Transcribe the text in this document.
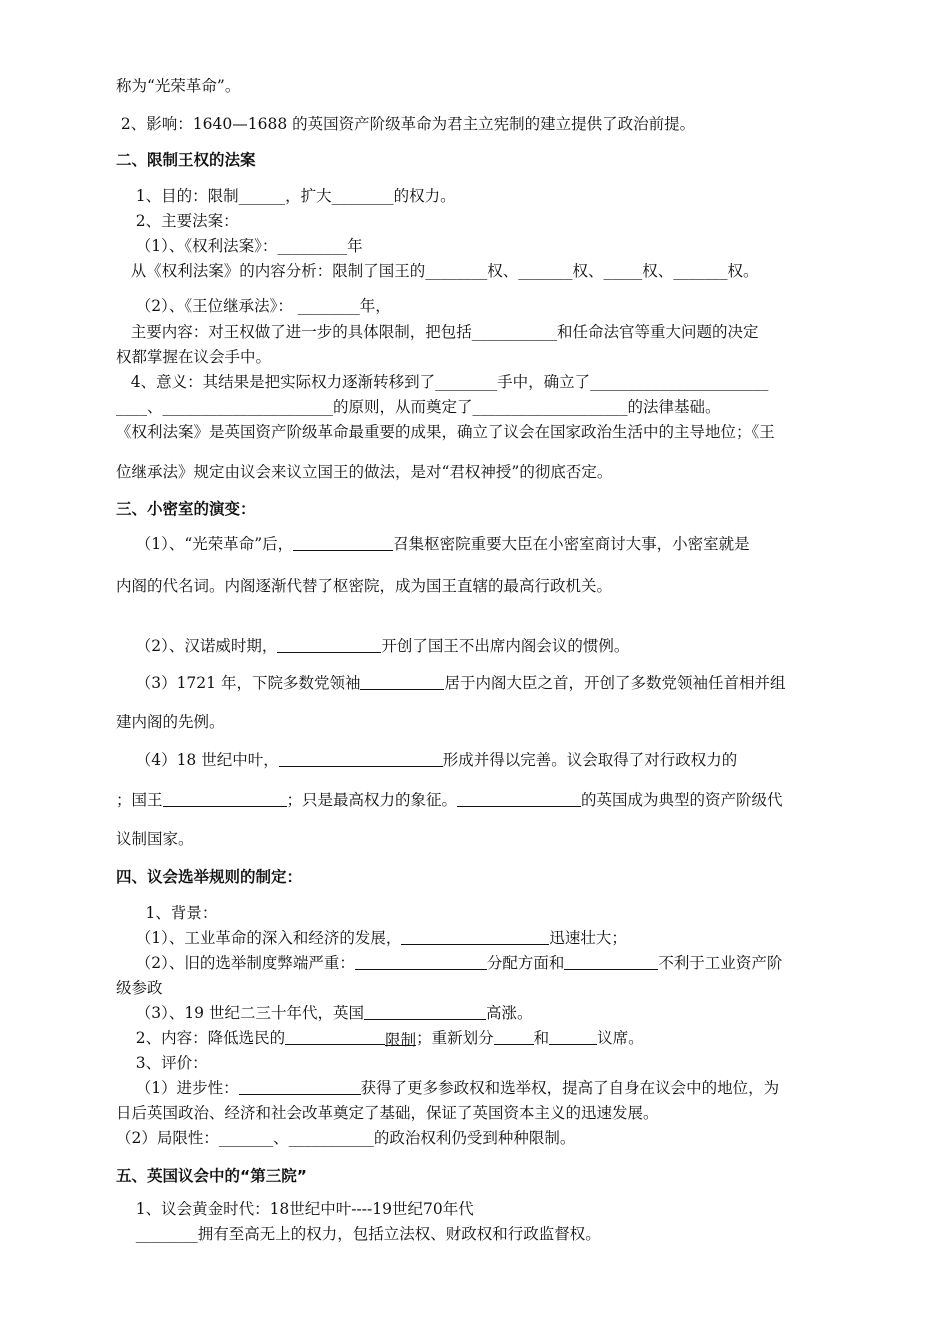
称为“光荣革命”。

2、影响：1640—1688 的英国资产阶级革命为君主立宪制的建立提供了政治前提。

二、限制王权的法案

1、目的：限制______，扩大________的权力。

2、主要法案：

（1）、《权利法案》：_________年

从《权利法案》的内容分析：限制了国王的________权、_______权、_____权、_______权。

（2）、《王位继承法》： ________年，

主要内容：对王权做了进一步的具体限制，把包括___________和任命法官等重大问题的决定

权都掌握在议会手中。

4、意义：其结果是把实际权力逐渐转移到了________手中，确立了_______________________

____、______________________的原则，从而奠定了____________________的法律基础。

《权利法案》是英国资产阶级革命最重要的成果，确立了议会在国家政治生活中的主导地位；《王

位继承法》规定由议会来议立国王的做法，是对“君权神授”的彻底否定。

三、小密室的演变：

（1）、“光荣革命”后，	召集枢密院重要大臣在小密室商讨大事，小密室就是

内阁的代名词。内阁逐渐代替了枢密院，成为国王直辖的最高行政机关。

（2）、汉诺威时期，	开创了国王不出席内阁会议的惯例。

（3）1721 年，下院多数党领袖	居于内阁大臣之首，开创了多数党领袖任首相并组

建内阁的先例。

（4）18 世纪中叶，	形成并得以完善。议会取得了对行政权力的

；国王	；只是最高权力的象征。	的英国成为典型的资产阶级代

议制国家。

四、议会选举规则的制定：

1、背景：

（1）、工业革命的深入和经济的发展，	迅速壮大；

（2）、旧的选举制度弊端严重：	分配方面和	不利于工业资产阶

级参政

（3）、19 世纪二三十年代，英国	高涨。

2、内容：降低选民的	限制；重新划分	和	议席。

3、评价：

（1）进步性：	获得了更多参政权和选举权，提高了自身在议会中的地位，为

日后英国政治、经济和社会改革奠定了基础，保证了英国资本主义的迅速发展。

（2）局限性：_______、___________的政治权利仍受到种种限制。

五、英国议会中的“第三院”

1、议会黄金时代：18世纪中叶----19世纪70年代

________拥有至高无上的权力，包括立法权、财政权和行政监督权。
